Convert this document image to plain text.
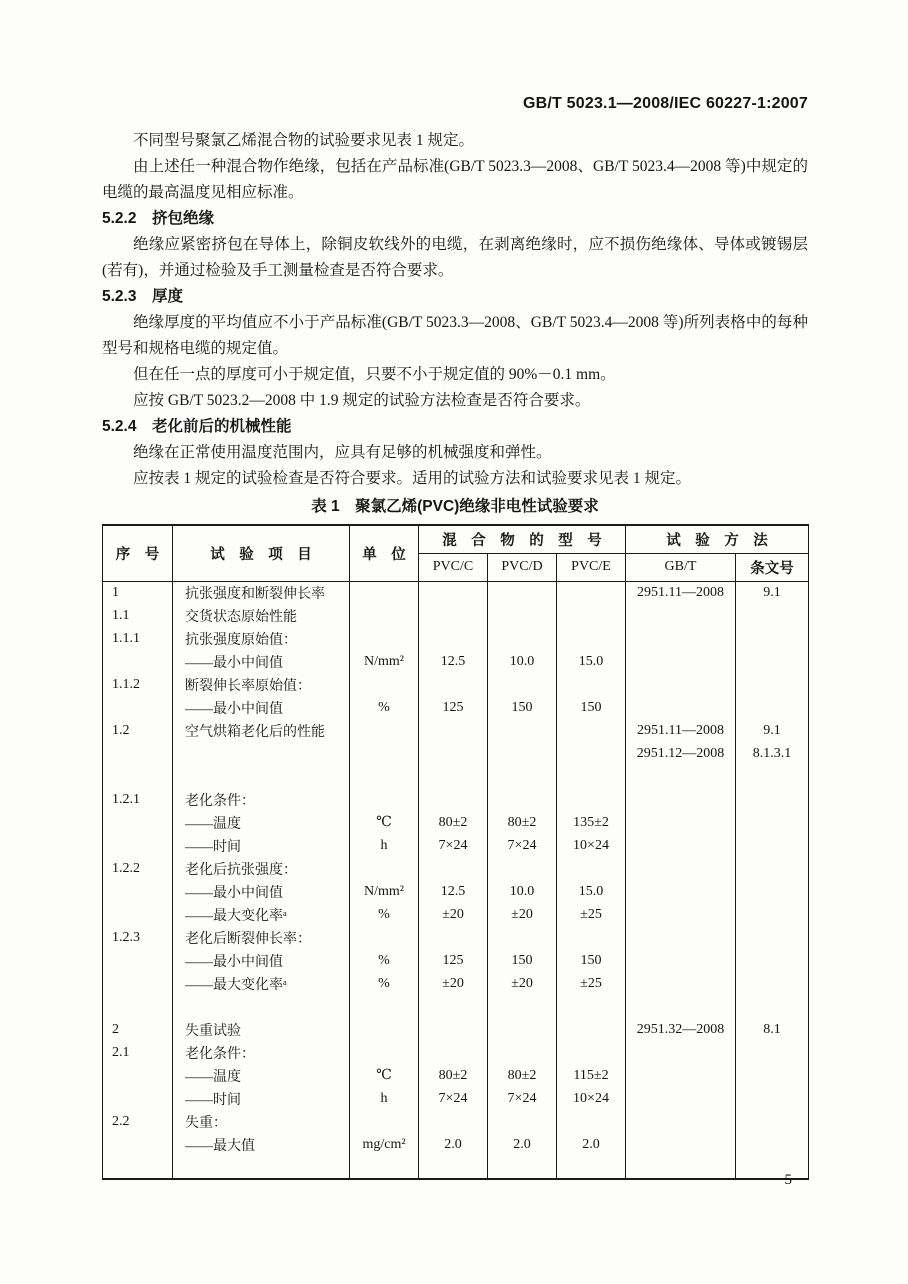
GB/T 5023.1—2008/IEC 60227-1:2007

不同型号聚氯乙烯混合物的试验要求见表 1 规定。

由上述任一种混合物作绝缘，包括在产品标准(GB/T 5023.3—2008、GB/T 5023.4—2008 等)中规定的电缆的最高温度见相应标准。

5.2.2　挤包绝缘

绝缘应紧密挤包在导体上，除铜皮软线外的电缆，在剥离绝缘时，应不损伤绝缘体、导体或镀锡层(若有)，并通过检验及手工测量检查是否符合要求。

5.2.3　厚度

绝缘厚度的平均值应不小于产品标准(GB/T 5023.3—2008、GB/T 5023.4—2008 等)所列表格中的每种型号和规格电缆的规定值。

但在任一点的厚度可小于规定值，只要不小于规定值的 90%－0.1 mm。

应按 GB/T 5023.2—2008 中 1.9 规定的试验方法检查是否符合要求。

5.2.4　老化前后的机械性能

绝缘在正常使用温度范围内，应具有足够的机械强度和弹性。

应按表 1 规定的试验检查是否符合要求。适用的试验方法和试验要求见表 1 规定。

表 1　聚氯乙烯(PVC)绝缘非电性试验要求
序　号	试　验　项　目	单　位	混　合　物　的　型　号			试　验　方　法	
			PVC/C	PVC/D	PVC/E	GB/T	条文号
1	抗张强度和断裂伸长率					2951.11—2008	9.1
1.1	交货状态原始性能						
1.1.1	抗张强度原始值：						
	——最小中间值	N/mm²	12.5	10.0	15.0		
1.1.2	断裂伸长率原始值：						
	——最小中间值	%	125	150	150		
1.2	空气烘箱老化后的性能					2951.11—2008	9.1
						2951.12—2008	8.1.3.1

1.2.1	老化条件：						
	——温度	℃	80±2	80±2	135±2		
	——时间	h	7×24	7×24	10×24		
1.2.2	老化后抗张强度：						
	——最小中间值	N/mm²	12.5	10.0	15.0		
	——最大变化率ᵃ	%	±20	±20	±25		
1.2.3	老化后断裂伸长率：						
	——最小中间值	%	125	150	150		
	——最大变化率ᵃ	%	±20	±20	±25		

2	失重试验					2951.32—2008	8.1
2.1	老化条件：						
	——温度	℃	80±2	80±2	115±2		
	——时间	h	7×24	7×24	10×24		
2.2	失重：						
	——最大值	mg/cm²	2.0	2.0	2.0		

5
